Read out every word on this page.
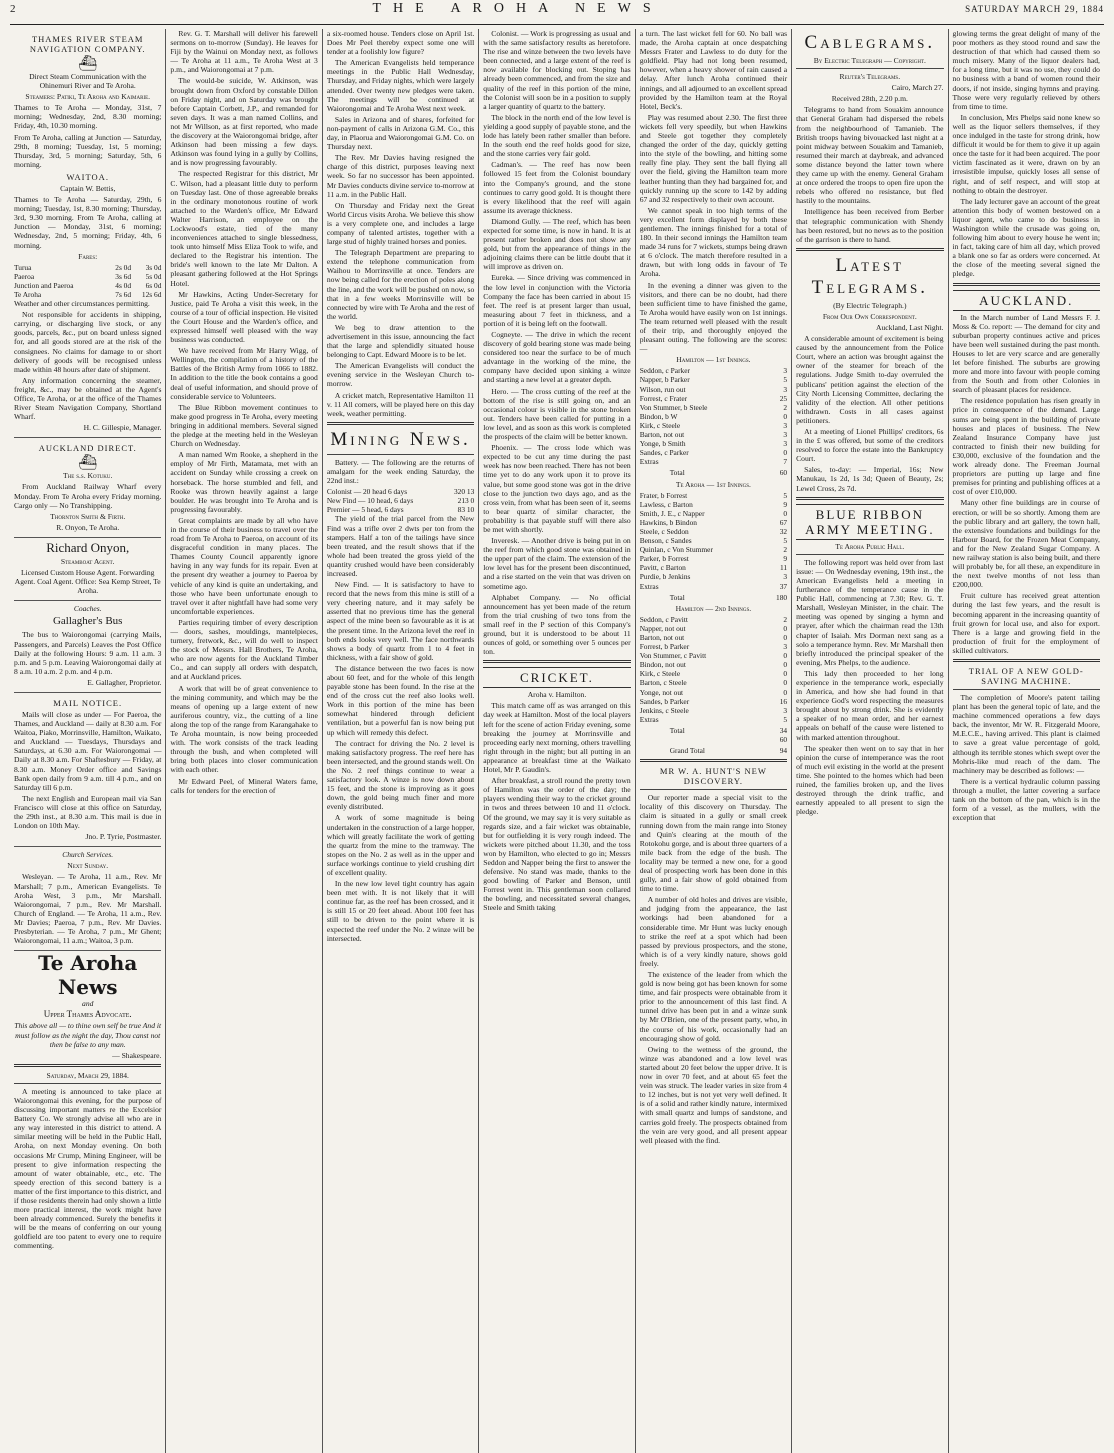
2	THE AROHA NEWS	SATURDAY MARCH 29, 1884
THAMES RIVER STEAM NAVIGATION COMPANY.
⛴

Direct Steam Communication with the Ohinemuri River and Te Aroha.

Steamers: Patiki, Te Aroha and Kaimarie.

Thames to Te Aroha — Monday, 31st, 7 morning; Wednesday, 2nd, 8.30 morning; Friday, 4th, 10.30 morning.

From Te Aroha, calling at Junction — Saturday, 29th, 8 morning; Tuesday, 1st, 5 morning; Thursday, 3rd, 5 morning; Saturday, 5th, 6 morning.

WAITOA.

Captain W. Bettis,

Thames to Te Aroha — Saturday, 29th, 6 morning; Tuesday, 1st, 8.30 morning; Thursday, 3rd, 9.30 morning. From Te Aroha, calling at Junction — Monday, 31st, 6 morning; Wednesday, 2nd, 5 morning; Friday, 4th, 6 morning.

Fares:

Turua	2s 0d	3s 0d
Paeroa	3s 6d	5s 0d
Junction and Paeroa	4s 0d	6s 0d
Te Aroha	7s 6d	12s 6d

Weather and other circumstances permitting.

Not responsible for accidents in shipping, carrying, or discharging live stock, or any goods, parcels, &c., put on board unless signed for, and all goods stored are at the risk of the consignees. No claims for damage to or short delivery of goods will be recognised unless made within 48 hours after date of shipment.

Any information concerning the steamer, freight, &c., may be obtained at the Agent's Office, Te Aroha, or at the office of the Thames River Steam Navigation Company, Shortland Wharf.

H. C. Gillespie, Manager.

AUCKLAND DIRECT.
⛴

The s.s. Kotuku.

From Auckland Railway Wharf every Monday. From Te Aroha every Friday morning. Cargo only — No Transhipping.

Thornton Smith & Firth.

R. Onyon, Te Aroha.

Richard Onyon,

Steamboat Agent.

Licensed Custom House Agent. Forwarding Agent. Coal Agent. Office: Sea Kemp Street, Te Aroha.

Coaches.

Gallagher's Bus

The bus to Waiorongomai (carrying Mails, Passengers, and Parcels) Leaves the Post Office Daily at the following Hours: 9 a.m. 11 a.m. 3 p.m. and 5 p.m. Leaving Waiorongomai daily at 8 a.m. 10 a.m. 2 p.m. and 4 p.m.

E. Gallagher, Proprietor.

MAIL NOTICE.

Mails will close as under — For Paeroa, the Thames, and Auckland — daily at 8.30 a.m. For Waitoa, Piako, Morrinsville, Hamilton, Waikato, and Auckland — Tuesdays, Thursdays and Saturdays, at 6.30 a.m. For Waiorongomai — Daily at 8.30 a.m. For Shaftesbury — Friday, at 8.30 a.m. Money Order office and Savings Bank open daily from 9 a.m. till 4 p.m., and on Saturday till 6 p.m.

The next English and European mail via San Francisco will close at this office on Saturday, the 29th inst., at 8.30 a.m. This mail is due in London on 10th May.

Jno. P. Tyrie, Postmaster.

Church Services.

Next Sunday.

Wesleyan. — Te Aroha, 11 a.m., Rev. Mr Marshall; 7 p.m., American Evangelists. Te Aroha West, 3 p.m., Mr Marshall. Waiorongomai, 7 p.m., Rev. Mr Marshall. Church of England. — Te Aroha, 11 a.m., Rev. Mr Davies; Paeroa, 7 p.m., Rev. Mr Davies. Presbyterian. — Te Aroha, 7 p.m., Mr Ghent; Waiorongomai, 11 a.m.; Waitoa, 3 p.m.

Te Aroha News

and

Upper Thames Advocate.

This above all — to thine own self be true And it must follow as the night the day, Thou canst not then be false to any man.

— Shakespeare.

Saturday, March 29, 1884.

A meeting is announced to take place at Waiorongomai this evening, for the purpose of discussing important matters re the Excelsior Battery Co. We strongly advise all who are in any way interested in this district to attend. A similar meeting will be held in the Public Hall, Aroha, on next Monday evening. On both occasions Mr Crump, Mining Engineer, will be present to give information respecting the amount of water obtainable, etc., etc. The speedy erection of this second battery is a matter of the first importance to this district, and if those residents therein had only shown a little more practical interest, the work might have been already commenced. Surely the benefits it will be the means of conferring on our young goldfield are too patent to every one to require commenting.

Rev. G. T. Marshall will deliver his farewell sermons on to-morrow (Sunday). He leaves for Fiji by the Wainui on Monday next, as follows — Te Aroha at 11 a.m., Te Aroha West at 3 p.m., and Waiorongomai at 7 p.m.

The would-be suicide, W. Atkinson, was brought down from Oxford by constable Dillon on Friday night, and on Saturday was brought before Captain Corbett, J.P., and remanded for seven days. It was a man named Collins, and not Mr Willson, as at first reported, who made the discovery at the Waiorongomai bridge, after Atkinson had been missing a few days. Atkinson was found lying in a gully by Collins, and is now progressing favourably.

The respected Registrar for this district, Mr C. Wilson, had a pleasant little duty to perform on Tuesday last. One of those agreeable breaks in the ordinary monotonous routine of work attached to the Warden's office, Mr Edward Walter Harrison, an employee on the Lockwood's estate, tied of the many inconveniences attached to single blessedness, took unto himself Miss Eliza Took to wife, and declared to the Registrar his intention. The bride's well known to the late Mr Dalton. A pleasant gathering followed at the Hot Springs Hotel.

Mr Hawkins, Acting Under-Secretary for Justice, paid Te Aroha a visit this week, in the course of a tour of official inspection. He visited the Court House and the Warden's office, and expressed himself well pleased with the way business was conducted.

We have received from Mr Harry Wigg, of Wellington, the compilation of a history of the Battles of the British Army from 1066 to 1882. In addition to the title the book contains a good deal of useful information, and should prove of considerable service to Volunteers.

The Blue Ribbon movement continues to make good progress in Te Aroha, every meeting bringing in additional members. Several signed the pledge at the meeting held in the Wesleyan Church on Wednesday.

A man named Wm Rooke, a shepherd in the employ of Mr Firth, Matamata, met with an accident on Sunday while crossing a creek on horseback. The horse stumbled and fell, and Rooke was thrown heavily against a large boulder. He was brought into Te Aroha and is progressing favourably.

Great complaints are made by all who have in the course of their business to travel over the road from Te Aroha to Paeroa, on account of its disgraceful condition in many places. The Thames County Council apparently ignore having in any way funds for its repair. Even at the present dry weather a journey to Paeroa by vehicle of any kind is quite an undertaking, and those who have been unfortunate enough to travel over it after nightfall have had some very uncomfortable experiences.

Parties requiring timber of every description — doors, sashes, mouldings, mantelpieces, turnery, fretwork, &c., will do well to inspect the stock of Messrs. Hall Brothers, Te Aroha, who are now agents for the Auckland Timber Co., and can supply all orders with despatch, and at Auckland prices.

A work that will be of great convenience to the mining community, and which may be the means of opening up a large extent of new auriferous country, viz., the cutting of a line along the top of the range from Karangahake to Te Aroha mountain, is now being proceeded with. The work consists of the track leading through the bush, and when completed will bring both places into closer communication with each other.

Mr Edward Peel, of Mineral Waters fame, calls for tenders for the erection of

a six-roomed house. Tenders close on April 1st. Does Mr Peel thereby expect some one will tender at a foolishly low figure?

The American Evangelists held temperance meetings in the Public Hall Wednesday, Thursday, and Friday nights, which were largely attended. Over twenty new pledges were taken. The meetings will be continued at Waiorongomai and Te Aroha West next week.

Sales in Arizona and of shares, forfeited for non-payment of calls in Arizona G.M. Co., this day, in Plaorua and Waiorongomai G.M. Co. on Thursday next.

The Rev. Mr Davies having resigned the charge of this district, purposes leaving next week. So far no successor has been appointed. Mr Davies conducts divine service to-morrow at 11 a.m. in the Public Hall.

On Thursday and Friday next the Great World Circus visits Aroha. We believe this show is a very complete one, and includes a large company of talented artistes, together with a large stud of highly trained horses and ponies.

The Telegraph Department are preparing to extend the telephone communication from Waihou to Morrinsville at once. Tenders are now being called for the erection of poles along the line, and the work will be pushed on now, so that in a few weeks Morrinsville will be connected by wire with Te Aroha and the rest of the world.

We beg to draw attention to the advertisement in this issue, announcing the fact that the large and splendidly situated house belonging to Capt. Edward Moore is to be let.

The American Evangelists will conduct the evening service in the Wesleyan Church to-morrow.

A cricket match, Representative Hamilton 11 v. 11 All comers, will be played here on this day week, weather permitting.

Mining News.

Battery. — The following are the returns of amalgam for the week ending Saturday, the 22nd inst.:

Colonist — 20 head 6 days	320 13
New Find — 10 head, 6 days	213 0
Premier — 5 head, 6 days	83 10

The yield of the trial parcel from the New Find was a trifle over 2 dwts per ton from the stampers. Half a ton of the tailings have since been treated, and the result shows that if the whole had been treated the gross yield of the quantity crushed would have been considerably increased.

New Find. — It is satisfactory to have to record that the news from this mine is still of a very cheering nature, and it may safely be asserted that no previous time has the general aspect of the mine been so favourable as it is at the present time. In the Arizona level the reef in both ends looks very well. The face northwards shows a body of quartz from 1 to 4 feet in thickness, with a fair show of gold.

The distance between the two faces is now about 60 feet, and for the whole of this length payable stone has been found. In the rise at the end of the cross cut the reef also looks well. Work in this portion of the mine has been somewhat hindered through deficient ventilation, but a powerful fan is now being put up which will remedy this defect.

The contract for driving the No. 2 level is making satisfactory progress. The reef here has been intersected, and the ground stands well. On the No. 2 reef things continue to wear a satisfactory look. A winze is now down about 15 feet, and the stone is improving as it goes down, the gold being much finer and more evenly distributed.

A work of some magnitude is being undertaken in the construction of a large hopper, which will greatly facilitate the work of getting the quartz from the mine to the tramway. The stopes on the No. 2 as well as in the upper and surface workings continue to yield crushing dirt of excellent quality.

In the new low level tight country has again been met with. It is not likely that it will continue far, as the reef has been crossed, and it is still 15 or 20 feet ahead. About 100 feet has still to be driven to the point where it is expected the reef under the No. 2 winze will be intersected.

Colonist. — Work is progressing as usual and with the same satisfactory results as heretofore. The rise and winze between the two levels have been connected, and a large extent of the reef is now available for blocking out. Stoping has already been commenced, and from the size and quality of the reef in this portion of the mine, the Colonist will soon be in a position to supply a larger quantity of quartz to the battery.

The block in the north end of the low level is yielding a good supply of payable stone, and the lode has lately been rather smaller than before. In the south end the reef holds good for size, and the stone carries very fair gold.

Cadman's. — The reef has now been followed 15 feet from the Colonist boundary into the Company's ground, and the stone continues to carry good gold. It is thought there is every likelihood that the reef will again assume its average thickness.

Diamond Gully. — The reef, which has been expected for some time, is now in hand. It is at present rather broken and does not show any gold, but from the appearance of things in the adjoining claims there can be little doubt that it will improve as driven on.

Eureka. — Since driving was commenced in the low level in conjunction with the Victoria Company the face has been carried in about 15 feet. The reef is at present larger than usual, measuring about 7 feet in thickness, and a portion of it is being left on the footwall.

Cogneyte. — The drive in which the recent discovery of gold bearing stone was made being considered too near the surface to be of much advantage in the working of the mine, the company have decided upon sinking a winze and starting a new level at a greater depth.

Hero. — The cross cutting of the reef at the bottom of the rise is still going on, and an occasional colour is visible in the stone broken out. Tenders have been called for putting in a low level, and as soon as this work is completed the prospects of the claim will be better known.

Phoenix. — The cross lode which was expected to be cut any time during the past week has now been reached. There has not been time yet to do any work upon it to prove its value, but some good stone was got in the drive close to the junction two days ago, and as the cross vein, from what has been seen of it, seems to bear quartz of similar character, the probability is that payable stuff will there also be met with shortly.

Inveresk. — Another drive is being put in on the reef from which good stone was obtained in the upper part of the claim. The extension of the low level has for the present been discontinued, and a rise started on the vein that was driven on sometime ago.

Alphabet Company. — No official announcement has yet been made of the return from the trial crushing of two tons from the small reef in the P section of this Company's ground, but it is understood to be about 11 ounces of gold, or something over 5 ounces per ton.

CRICKET.

Aroha v. Hamilton.

This match came off as was arranged on this day week at Hamilton. Most of the local players left for the scene of action Friday evening, some breaking the journey at Morrinsville and proceeding early next morning, others travelling right through in the night; but all putting in an appearance at breakfast time at the Waikato Hotel, Mr P. Gaudin's.

After breakfast, a stroll round the pretty town of Hamilton was the order of the day; the players wending their way to the cricket ground in twos and threes between 10 and 11 o'clock. Of the ground, we may say it is very suitable as regards size, and a fair wicket was obtainable, but for outfielding it is very rough indeed. The wickets were pitched about 11.30, and the toss won by Hamilton, who elected to go in; Messrs Seddon and Napper being the first to answer the defensive. No stand was made, thanks to the good bowling of Parker and Benson, until Forrest went in. This gentleman soon collared the bowling, and necessitated several changes, Steele and Smith taking

a turn. The last wicket fell for 60. No ball was made, the Aroha captain at once despatching Messrs Frater and Lawless to do duty for the goldfield. Play had not long been resumed, however, when a heavy shower of rain caused a delay. After lunch Aroha continued their innings, and all adjourned to an excellent spread provided by the Hamilton team at the Royal Hotel, Beck's.

Play was resumed about 2.30. The first three wickets fell very speedily, but when Hawkins and Steele got together they completely changed the order of the day, quickly getting into the style of the bowling, and hitting some really fine play. They sent the ball flying all over the field, giving the Hamilton team more leather hunting than they had bargained for, and quickly running up the score to 142 by adding 67 and 32 respectively to their own account.

We cannot speak in too high terms of the very excellent form displayed by both these gentlemen. The innings finished for a total of 180. In their second innings the Hamilton team made 34 runs for 7 wickets, stumps being drawn at 6 o'clock. The match therefore resulted in a drawn, but with long odds in favour of Te Aroha.

In the evening a dinner was given to the visitors, and there can be no doubt, had there been sufficient time to have finished the game, Te Aroha would have easily won on 1st innings. The team returned well pleased with the result of their trip, and thoroughly enjoyed the pleasant outing. The following are the scores: —

Hamilton — 1st Innings.

Seddon, c Parker	3
Napper, b Parker	5
Wilson, run out	3
Forrest, c Frater	25
Von Stummer, b Steele	2
Bindon, b W	0
Kirk, c Steele	3
Barton, not out	3
Yonge, b Smith	3
Sandes, c Parker	0
Extras	7
Total	60

Te Aroha — 1st Innings.

Frater, b Forrest	5
Lawless, c Barton	9
Smith, J. E., c Napper	0
Hawkins, b Bindon	67
Steele, c Seddon	32
Benson, c Sandes	5
Quinlan, c Von Stummer	2
Parker, b Forrest	9
Pavitt, c Barton	11
Purdie, b Jenkins	3
Extras	37
Total	180

Hamilton — 2nd Innings.

Seddon, c Pavitt	2
Napper, not out	0
Barton, not out	0
Forrest, b Parker	3
Von Stummer, c Pavitt	0
Bindon, not out	0
Kirk, c Steele	0
Barton, c Steele	0
Yonge, not out	0
Sandes, b Parker	16
Jenkins, c Steele	3
Extras	5
Total	34
	60
Grand Total	94
MR W. A. HUNT'S NEW DISCOVERY.

Our reporter made a special visit to the locality of this discovery on Thursday. The claim is situated in a gully or small creek running down from the main range into Stoney and Quin's clearing at the mouth of the Rotokohu gorge, and is about three quarters of a mile back from the edge of the bush. The locality may be termed a new one, for a good deal of prospecting work has been done in this gully, and a fair show of gold obtained from time to time.

A number of old holes and drives are visible, and judging from the appearance, the last workings had been abandoned for a considerable time. Mr Hunt was lucky enough to strike the reef at a spot which had been passed by previous prospectors, and the stone, which is of a very kindly nature, shows gold freely.

The existence of the leader from which the gold is now being got has been known for some time, and fair prospects were obtainable from it prior to the announcement of this last find. A tunnel drive has been put in and a winze sunk by Mr O'Brien, one of the present party, who, in the course of his work, occasionally had an encouraging show of gold.

Owing to the wetness of the ground, the winze was abandoned and a low level was started about 20 feet below the upper drive. It is now in over 70 feet, and at about 65 feet the vein was struck. The leader varies in size from 4 to 12 inches, but is not yet very well defined. It is of a solid and rather kindly nature, intermixed with small quartz and lumps of sandstone, and carries gold freely. The prospects obtained from the vein are very good, and all present appear well pleased with the find.

Cablegrams.

By Electric Telegraph — Copyright.

Reuter's Telegrams.

Cairo, March 27.

Received 28th, 2.20 p.m.

Telegrams to hand from Souakim announce that General Graham had dispersed the rebels from the neighbourhood of Tamanieb. The British troops having bivouacked last night at a point midway between Souakim and Tamanieb, resumed their march at daybreak, and advanced some distance beyond the latter town where they came up with the enemy. General Graham at once ordered the troops to open fire upon the rebels who offered no resistance, but fled hastily to the mountains.

Intelligence has been received from Berber that telegraphic communication with Shendy has been restored, but no news as to the position of the garrison is there to hand.

Latest Telegrams.

(By Electric Telegraph.)

From Our Own Correspondent.

Auckland, Last Night.

A considerable amount of excitement is being caused by the announcement from the Police Court, where an action was brought against the owner of the steamer for breach of the regulations. Judge Smith to-day overruled the publicans' petition against the election of the City North Licensing Committee, declaring the validity of the election. All other petitions withdrawn. Costs in all cases against petitioners.

At a meeting of Lionel Phillips' creditors, 6s in the £ was offered, but some of the creditors resolved to force the estate into the Bankruptcy Court.

Sales, to-day: — Imperial, 16s; New Manukau, 1s 2d, 1s 3d; Queen of Beauty, 2s; Lewel Cross, 2s 7d.

BLUE RIBBON ARMY MEETING.

Te Aroha Public Hall.

The following report was held over from last issue: — On Wednesday evening, 19th inst., the American Evangelists held a meeting in furtherance of the temperance cause in the Public Hall, commencing at 7.30; Rev. G. T. Marshall, Wesleyan Minister, in the chair. The meeting was opened by singing a hymn and prayer, after which the chairman read the 13th chapter of Isaiah. Mrs Dorman next sang as a solo a temperance hymn. Rev. Mr Marshall then briefly introduced the principal speaker of the evening, Mrs Phelps, to the audience.

This lady then proceeded to her long experience in the temperance work, especially in America, and how she had found in that experience God's word respecting the measures brought about by strong drink. She is evidently a speaker of no mean order, and her earnest appeals on behalf of the cause were listened to with marked attention throughout.

The speaker then went on to say that in her opinion the curse of intemperance was the root of much evil existing in the world at the present time. She pointed to the homes which had been ruined, the families broken up, and the lives destroyed through the drink traffic, and earnestly appealed to all present to sign the pledge.

glowing terms the great delight of many of the poor mothers as they stood round and saw the destruction of that which had caused them so much misery. Many of the liquor dealers had, for a long time, but it was no use, they could do no business with a band of women round their doors, if not inside, singing hymns and praying. Those were very regularly relieved by others from time to time.

In conclusion, Mrs Phelps said none knew so well as the liquor sellers themselves, if they once indulged in the taste for strong drink, how difficult it would be for them to give it up again once the taste for it had been acquired. The poor victim fascinated as it were, drawn on by an irresistible impulse, quickly loses all sense of right, and of self respect, and will stop at nothing to obtain the destroyer.

The lady lecturer gave an account of the great attention this body of women bestowed on a liquor agent, who came to do business in Washington while the crusade was going on, following him about to every house he went in; in fact, taking care of him all day, which proved a blank one so far as orders were concerned. At the close of the meeting several signed the pledge.

AUCKLAND.

In the March number of Land Messrs F. J. Moss & Co. report: — The demand for city and suburban property continues active and prices have been well sustained during the past month. Houses to let are very scarce and are generally let before finished. The suburbs are growing more and more into favour with people coming from the South and from other Colonies in search of pleasant places for residence.

The residence population has risen greatly in price in consequence of the demand. Large sums are being spent in the building of private houses and places of business. The New Zealand Insurance Company have just contracted to finish their new building for £30,000, exclusive of the foundation and the work already done. The Freeman Journal proprietors are putting up large and fine premises for printing and publishing offices at a cost of over £10,000.

Many other fine buildings are in course of erection, or will be so shortly. Among them are the public library and art gallery, the town hall, the extensive foundations and buildings for the Harbour Board, for the Frozen Meat Company, and for the New Zealand Sugar Company. A new railway station is also being built, and there will probably be, for all these, an expenditure in the next twelve months of not less than £200,000.

Fruit culture has received great attention during the last few years, and the result is becoming apparent in the increasing quantity of fruit grown for local use, and also for export. There is a large and growing field in the production of fruit for the employment of skilled cultivators.

TRIAL OF A NEW GOLD-SAVING MACHINE.

The completion of Moore's patent tailing plant has been the general topic of late, and the machine commenced operations a few days back, the inventor, Mr W. R. Fitzgerald Moore, M.E.C.E., having arrived. This plant is claimed to save a great value percentage of gold, although its terrible stones which swept over the Mohris-like mud reach of the dam. The machinery may be described as follows: —

There is a vertical hydraulic column passing through a mullet, the latter covering a surface tank on the bottom of the pan, which is in the form of a vessel, as the mullers, with the exception that
